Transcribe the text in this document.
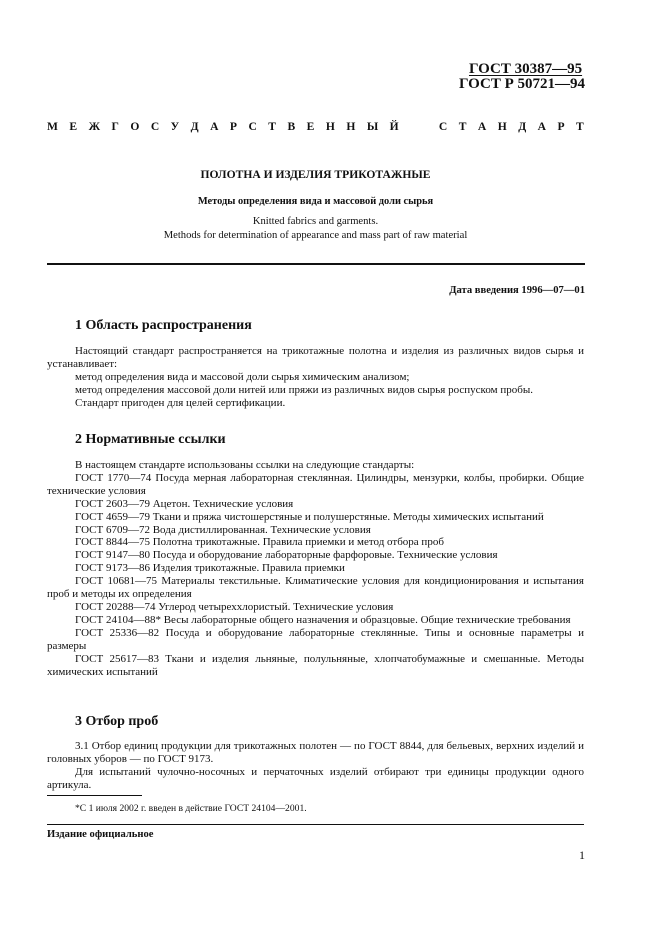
ГОСТ 30387—95
ГОСТ Р 50721—94
М Е Ж Г О С У Д А Р С Т В Е Н Н Ы Й

	С Т А Н Д А Р Т
ПОЛОТНА И ИЗДЕЛИЯ ТРИКОТАЖНЫЕ
Методы определения вида и массовой доли сырья
Knitted fabrics and garments.
Methods for determination of appearance and mass part of raw material
Дата введения 1996—07—01
1 Область распространения

Настоящий стандарт распространяется на трикотажные полотна и изделия из различных видов сырья и устанавливает:

метод определения вида и массовой доли сырья химическим анализом;

метод определения массовой доли нитей или пряжи из различных видов сырья роспуском пробы.

Стандарт пригоден для целей сертификации.

2 Нормативные ссылки

В настоящем стандарте использованы ссылки на следующие стандарты:

ГОСТ 1770—74 Посуда мерная лабораторная стеклянная. Цилиндры, мензурки, колбы, пробирки. Общие технические условия

ГОСТ 2603—79 Ацетон. Технические условия

ГОСТ 4659—79 Ткани и пряжа чистошерстяные и полушерстяные. Методы химических испытаний

ГОСТ 6709—72 Вода дистиллированная. Технические условия

ГОСТ 8844—75 Полотна трикотажные. Правила приемки и метод отбора проб

ГОСТ 9147—80 Посуда и оборудование лабораторные фарфоровые. Технические условия

ГОСТ 9173—86 Изделия трикотажные. Правила приемки

ГОСТ 10681—75 Материалы текстильные. Климатические условия для кондиционирования и испытания проб и методы их определения

ГОСТ 20288—74 Углерод четыреххлористый. Технические условия

ГОСТ 24104—88* Весы лабораторные общего назначения и образцовые. Общие технические требования

ГОСТ 25336—82 Посуда и оборудование лабораторные стеклянные. Типы и основные параметры и размеры

ГОСТ 25617—83 Ткани и изделия льняные, полульняные, хлопчатобумажные и смешанные. Методы химических испытаний

3 Отбор проб

3.1 Отбор единиц продукции для трикотажных полотен — по ГОСТ 8844, для бельевых, верхних изделий и головных уборов — по ГОСТ 9173.

Для испытаний чулочно-носочных и перчаточных изделий отбирают три единицы продукции одного артикула.

*С 1 июля 2002 г. введен в действие ГОСТ 24104—2001.
Издание официальное
1
